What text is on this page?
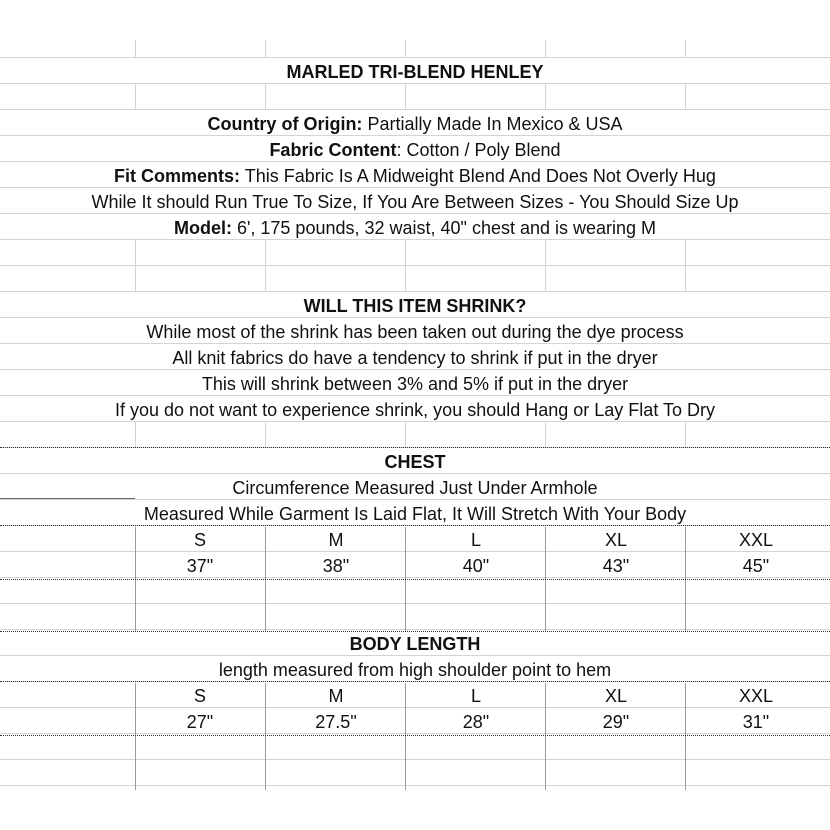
MARLED TRI-BLEND HENLEY
Country of Origin: Partially Made In Mexico & USA
Fabric Content: Cotton / Poly Blend
Fit Comments: This Fabric Is A Midweight Blend And Does Not Overly Hug
While It should Run True To Size, If You Are Between Sizes - You Should Size Up
Model: 6', 175 pounds, 32 waist, 40" chest and is wearing M
WILL THIS ITEM SHRINK?
While most of the shrink has been taken out during the dye process
All knit fabrics do have a tendency to shrink if put in the dryer
This will shrink between 3% and 5% if put in the dryer
If you do not want to experience shrink, you should Hang or Lay Flat To Dry
CHEST
Circumference Measured Just Under Armhole
Measured While Garment Is Laid Flat, It Will Stretch With Your Body
S	M	L	XL	XXL
37"	38"	40"	43"	45"
BODY LENGTH
length measured from high shoulder point to hem
S	M	L	XL	XXL
27"	27.5"	28"	29"	31"
